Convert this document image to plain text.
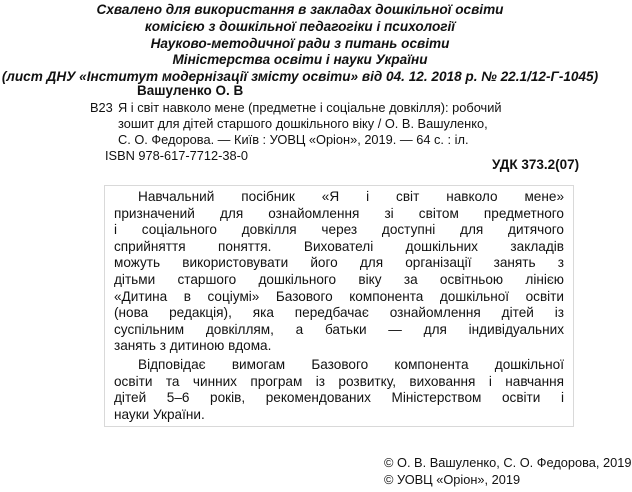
Схвалено для використання в закладах дошкільної освіти
комісією з дошкільної педагогіки і психології
Науково-методичної ради з питань освіти
Міністерства освіти і науки України
(лист ДНУ «Інститут модернізації змісту освіти» від 04. 12. 2018 р. № 22.1/12-Г-1045)
Вашуленко О. В
В23 Я і світ навколо мене (предметне і соціальне довкілля): робочий
зошит для дітей старшого дошкільного віку / О. В. Вашуленко,
С. О. Федорова. — Київ : УОВЦ «Оріон», 2019. — 64 с. : іл.
ISBN 978-617-7712-38-0
УДК 373.2(07)
Навчальний посібник «Я і світ навколо мене»
призначений для ознайомлення зі світом предметного
і соціального довкілля через доступні для дитячого
сприйняття поняття. Вихователі дошкільних закладів
можуть використовувати його для організації занять з
дітьми старшого дошкільного віку за освітньою лінією
«Дитина в соціумі» Базового компонента дошкільної освіти
(нова редакція), яка передбачає ознайомлення дітей із
суспільним довкіллям, а батьки — для індивідуальних
занять з дитиною вдома.
Відповідає вимогам Базового компонента дошкільної
освіти та чинних програм із розвитку, виховання і навчання
дітей 5–6 років, рекомендованих Міністерством освіти і
науки України.
© О. В. Вашуленко, С. О. Федорова, 2019
© УОВЦ «Оріон», 2019
